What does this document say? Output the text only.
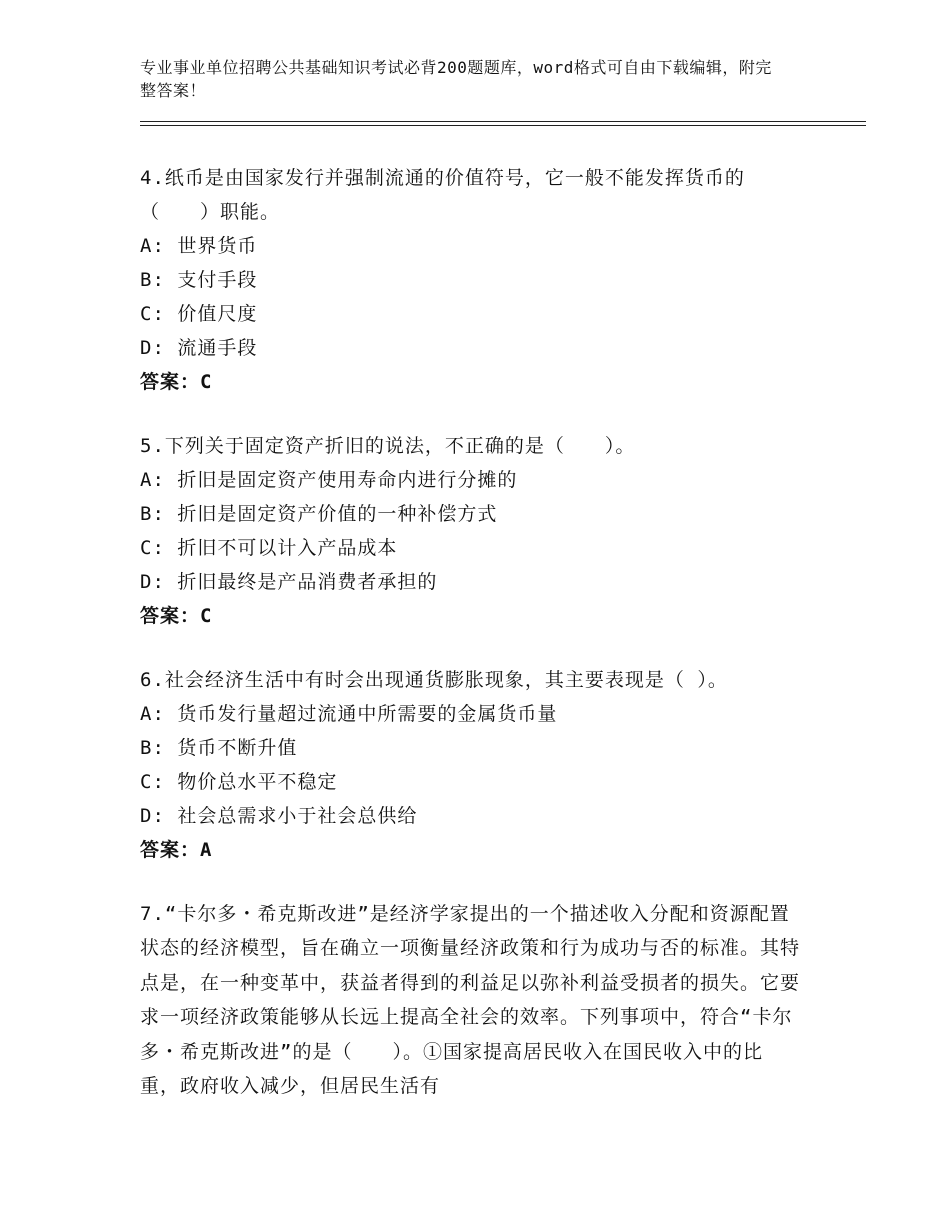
专业事业单位招聘公共基础知识考试必背200题题库，word格式可自由下载编辑，附完整答案！

4.纸币是由国家发行并强制流通的价值符号，它一般不能发挥货币的（　　）职能。

A: 世界货币

B: 支付手段

C: 价值尺度

D: 流通手段

答案：C

5.下列关于固定资产折旧的说法，不正确的是（　　）。

A: 折旧是固定资产使用寿命内进行分摊的

B: 折旧是固定资产价值的一种补偿方式

C: 折旧不可以计入产品成本

D: 折旧最终是产品消费者承担的

答案：C

6.社会经济生活中有时会出现通货膨胀现象，其主要表现是（ ）。

A: 货币发行量超过流通中所需要的金属货币量

B: 货币不断升值

C: 物价总水平不稳定

D: 社会总需求小于社会总供给

答案：A

7.“卡尔多・希克斯改进”是经济学家提出的一个描述收入分配和资源配置状态的经济模型，旨在确立一项衡量经济政策和行为成功与否的标准。其特点是，在一种变革中，获益者得到的利益足以弥补利益受损者的损失。它要求一项经济政策能够从长远上提高全社会的效率。下列事项中，符合“卡尔多・希克斯改进”的是（　　）。①国家提高居民收入在国民收入中的比重，政府收入减少，但居民生活有
